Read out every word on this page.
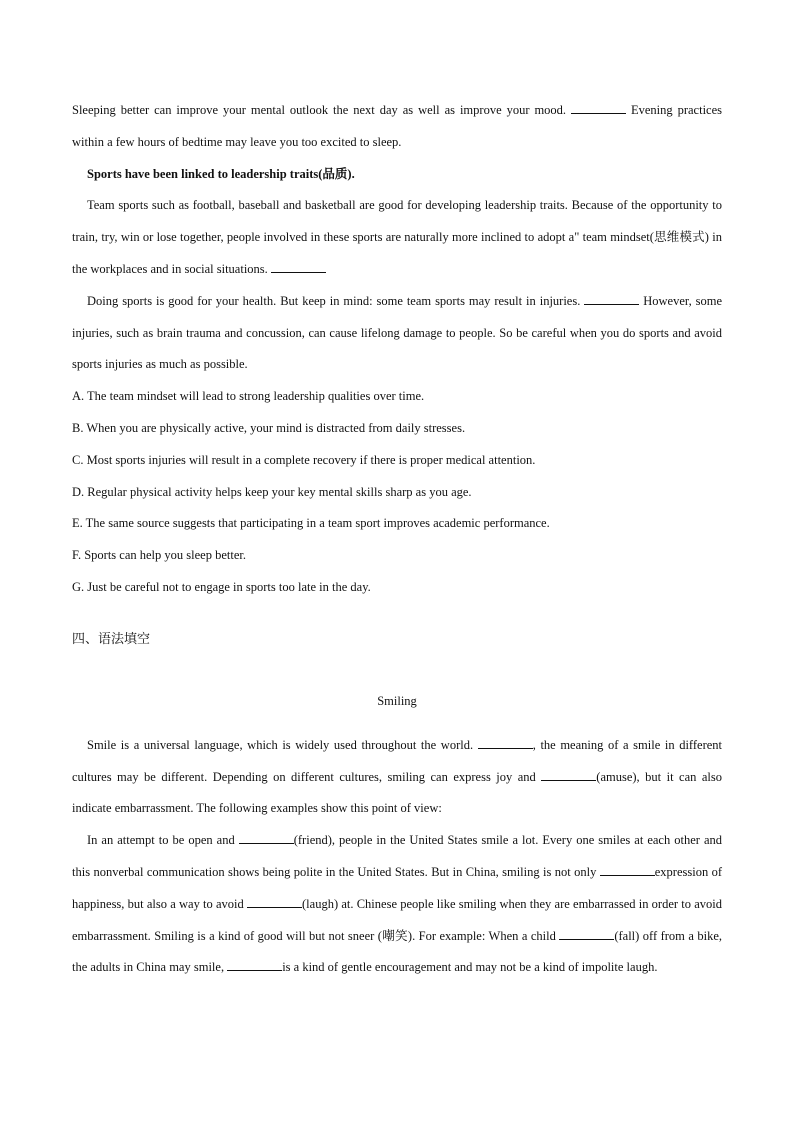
Sleeping better can improve your mental outlook the next day as well as improve your mood.	Evening practices within a few hours of bedtime may leave you too excited to sleep.

Sports have been linked to leadership traits(品质).

Team sports such as football, baseball and basketball are good for developing leadership traits. Because of the opportunity to train, try, win or lose together, people involved in these sports are naturally more inclined to adopt a" team mindset(思维模式) in the workplaces and in social situations.

Doing sports is good for your health. But keep in mind: some team sports may result in injuries.	However, some injuries, such as brain trauma and concussion, can cause lifelong damage to people. So be careful when you do sports and avoid sports injuries as much as possible.

A. The team mindset will lead to strong leadership qualities over time.

B. When you are physically active, your mind is distracted from daily stresses.

C. Most sports injuries will result in a complete recovery if there is proper medical attention.

D. Regular physical activity helps keep your key mental skills sharp as you age.

E. The same source suggests that participating in a team sport improves academic performance.

F. Sports can help you sleep better.

G. Just be careful not to engage in sports too late in the day.

四、语法填空

Smiling

Smile is a universal language, which is widely used throughout the world.	, the meaning of a smile in different cultures may be different. Depending on different cultures, smiling can express joy and	(amuse), but it can also indicate embarrassment. The following examples show this point of view:

In an attempt to be open and	(friend), people in the United States smile a lot. Every one smiles at each other and this nonverbal communication shows being polite in the United States. But in China, smiling is not only	expression of happiness, but also a way to avoid	(laugh) at. Chinese people like smiling when they are embarrassed in order to avoid embarrassment. Smiling is a kind of good will but not sneer (嘲笑). For example: When a child	(fall) off from a bike, the adults in China may smile,	is a kind of gentle encouragement and may not be a kind of impolite laugh.
